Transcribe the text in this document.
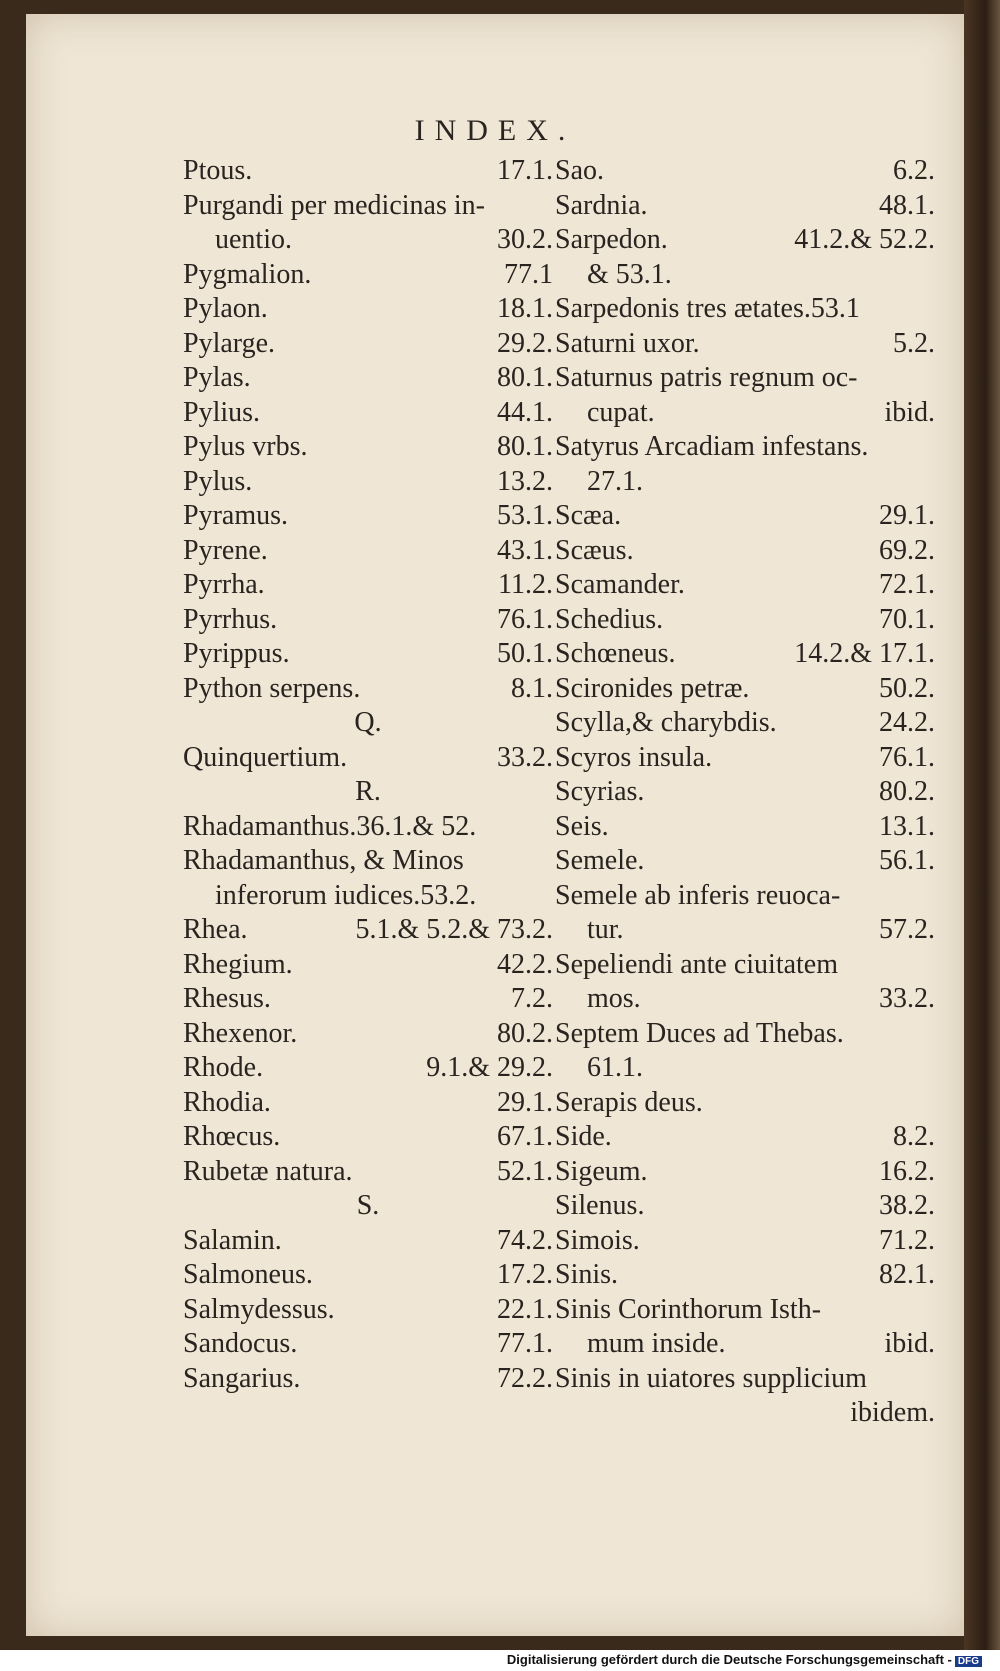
INDEX.
Ptous.	17.1.
Purgandi per medicinas in-
uentio.	30.2.
Pygmalion.	77.1
Pylaon.	18.1.
Pylarge.	29.2.
Pylas.	80.1.
Pylius.	44.1.
Pylus vrbs.	80.1.
Pylus.	13.2.
Pyramus.	53.1.
Pyrene.	43.1.
Pyrrha.	11.2.
Pyrrhus.	76.1.
Pyrippus.	50.1.
Python serpens.	8.1.
Q.
Quinquertium.	33.2.
R.
Rhadamanthus.36.1.& 52.
Rhadamanthus, & Minos
inferorum iudices.53.2.
Rhea.	5.1.& 5.2.& 73.2.
Rhegium.	42.2.
Rhesus.	7.2.
Rhexenor.	80.2.
Rhode.	9.1.& 29.2.
Rhodia.	29.1.
Rhœcus.	67.1.
Rubetæ natura.	52.1.
S.
Salamin.	74.2.
Salmoneus.	17.2.
Salmydessus.	22.1.
Sandocus.	77.1.
Sangarius.	72.2.
Sao.	6.2.
Sardnia.	48.1.
Sarpedon.	41.2.& 52.2.
& 53.1.
Sarpedonis tres ætates.53.1
Saturni uxor.	5.2.
Saturnus patris regnum oc-
cupat.	ibid.
Satyrus Arcadiam infestans.
27.1.
Scæa.	29.1.
Scæus.	69.2.
Scamander.	72.1.
Schedius.	70.1.
Schœneus.	14.2.& 17.1.
Scironides petræ.	50.2.
Scylla,& charybdis.	24.2.
Scyros insula.	76.1.
Scyrias.	80.2.
Seis.	13.1.
Semele.	56.1.
Semele ab inferis reuoca-
tur.	57.2.
Sepeliendi ante ciuitatem
mos.	33.2.
Septem Duces ad Thebas.
61.1.
Serapis deus.
Side.	8.2.
Sigeum.	16.2.
Silenus.	38.2.
Simois.	71.2.
Sinis.	82.1.
Sinis Corinthorum Isth-
mum inside.	ibid.
Sinis in uiatores supplicium
ibidem.
Digitalisierung gefördert durch die Deutsche Forschungsgemeinschaft - DFG
